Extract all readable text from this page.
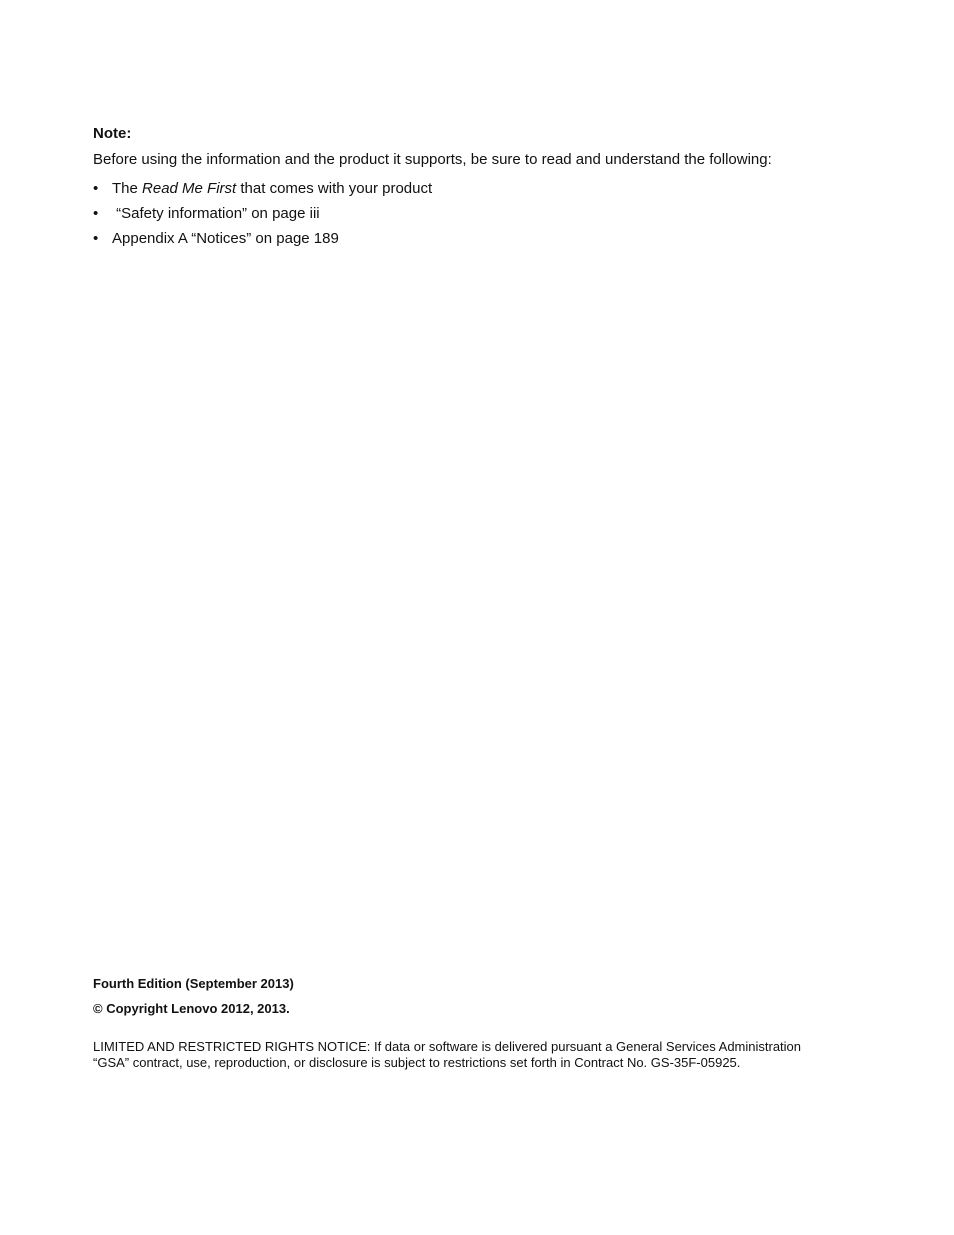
Note:
Before using the information and the product it supports, be sure to read and understand the following:
• The Read Me First that comes with your product
• “Safety information” on page iii
• Appendix A “Notices” on page 189
Fourth Edition (September 2013)
© Copyright Lenovo 2012, 2013.
LIMITED AND RESTRICTED RIGHTS NOTICE: If data or software is delivered pursuant a General Services Administration
“GSA” contract, use, reproduction, or disclosure is subject to restrictions set forth in Contract No. GS-35F-05925.
